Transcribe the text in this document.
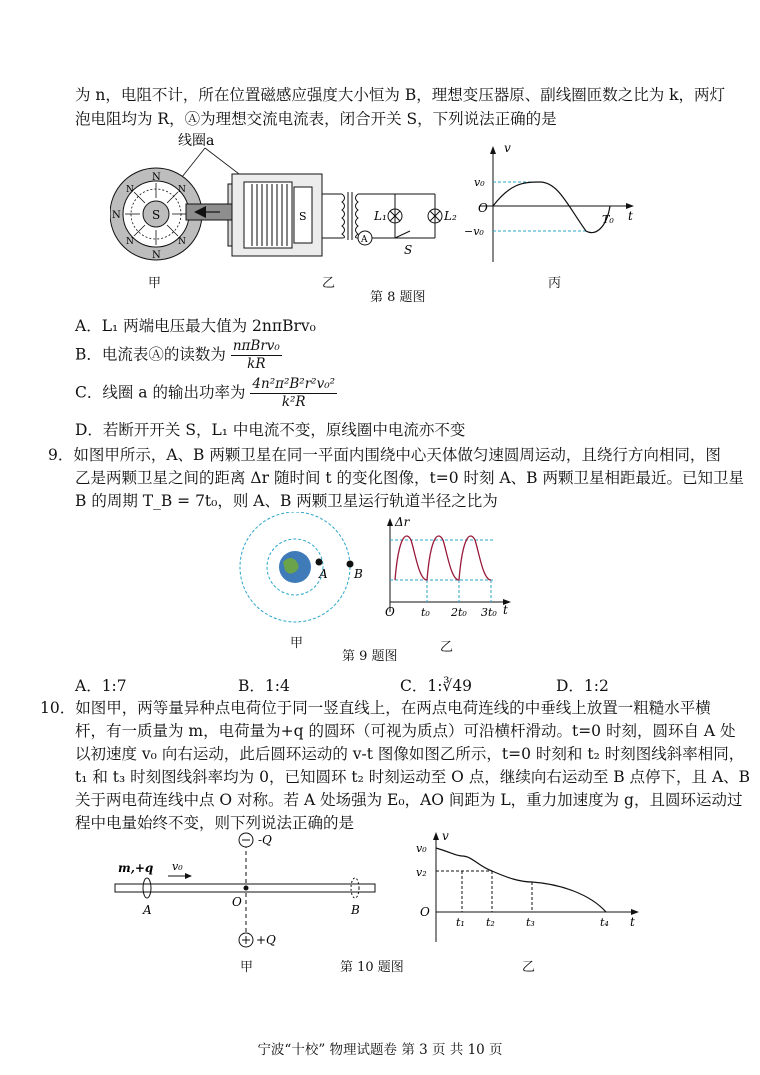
为 n，电阻不计，所在位置磁感应强度大小恒为 B，理想变压器原、副线圈匝数之比为 k，两灯
泡电阻均为 R，Ⓐ为理想交流电流表，闭合开关 S，下列说法正确的是
线圈a
S
N
N
N
N	N
N	N
S
A
L₁	L₂
S
v
t
O
v₀
−v₀
T₀
甲	乙	丙
第 8 题图
A．L₁ 两端电压最大值为 2nπBrv₀
B．电流表Ⓐ的读数为 $\frac{\text{nπBrv₀}}{kR}$
C．线圈 a 的输出功率为 $\frac{\text{4n²π²B²r²v₀²}}{\text{k²R}}$
D．若断开开关 S，L₁ 中电流不变，原线圈中电流亦不变
9．如图甲所示，A、B 两颗卫星在同一平面内围绕中心天体做匀速圆周运动，且绕行方向相同，图
乙是两颗卫星之间的距离 Δr 随时间 t 的变化图像，t=0 时刻 A、B 两颗卫星相距最近。已知卫星
B 的周期 T_B = 7t₀，则 A、B 两颗卫星运行轨道半径之比为
A B
Δr
t
O t₀ 2t₀ 3t₀
甲	乙
第 9 题图
A．1:7	B．1:4	C．1:∛49	D．1:2
10．如图甲，两等量异种点电荷位于同一竖直线上，在两点电荷连线的中垂线上放置一粗糙水平横
杆，有一质量为 m，电荷量为+q 的圆环（可视为质点）可沿横杆滑动。t=0 时刻，圆环自 A 处
以初速度 v₀ 向右运动，此后圆环运动的 v-t 图像如图乙所示，t=0 时刻和 t₂ 时刻图线斜率相同，
t₁ 和 t₃ 时刻图线斜率均为 0，已知圆环 t₂ 时刻运动至 O 点，继续向右运动至 B 点停下，且 A、B
关于两电荷连线中点 O 对称。若 A 处场强为 E₀，AO 间距为 L，重力加速度为 g，且圆环运动过
程中电量始终不变，则下列说法正确的是
m,+q v₀
A
O
B
-Q
+Q
v
t
O
v₀
v₂
t₁ t₂	t₃	t₄
甲	第 10 题图	乙
宁波“十校” 物理试题卷 第 3 页 共 10 页
